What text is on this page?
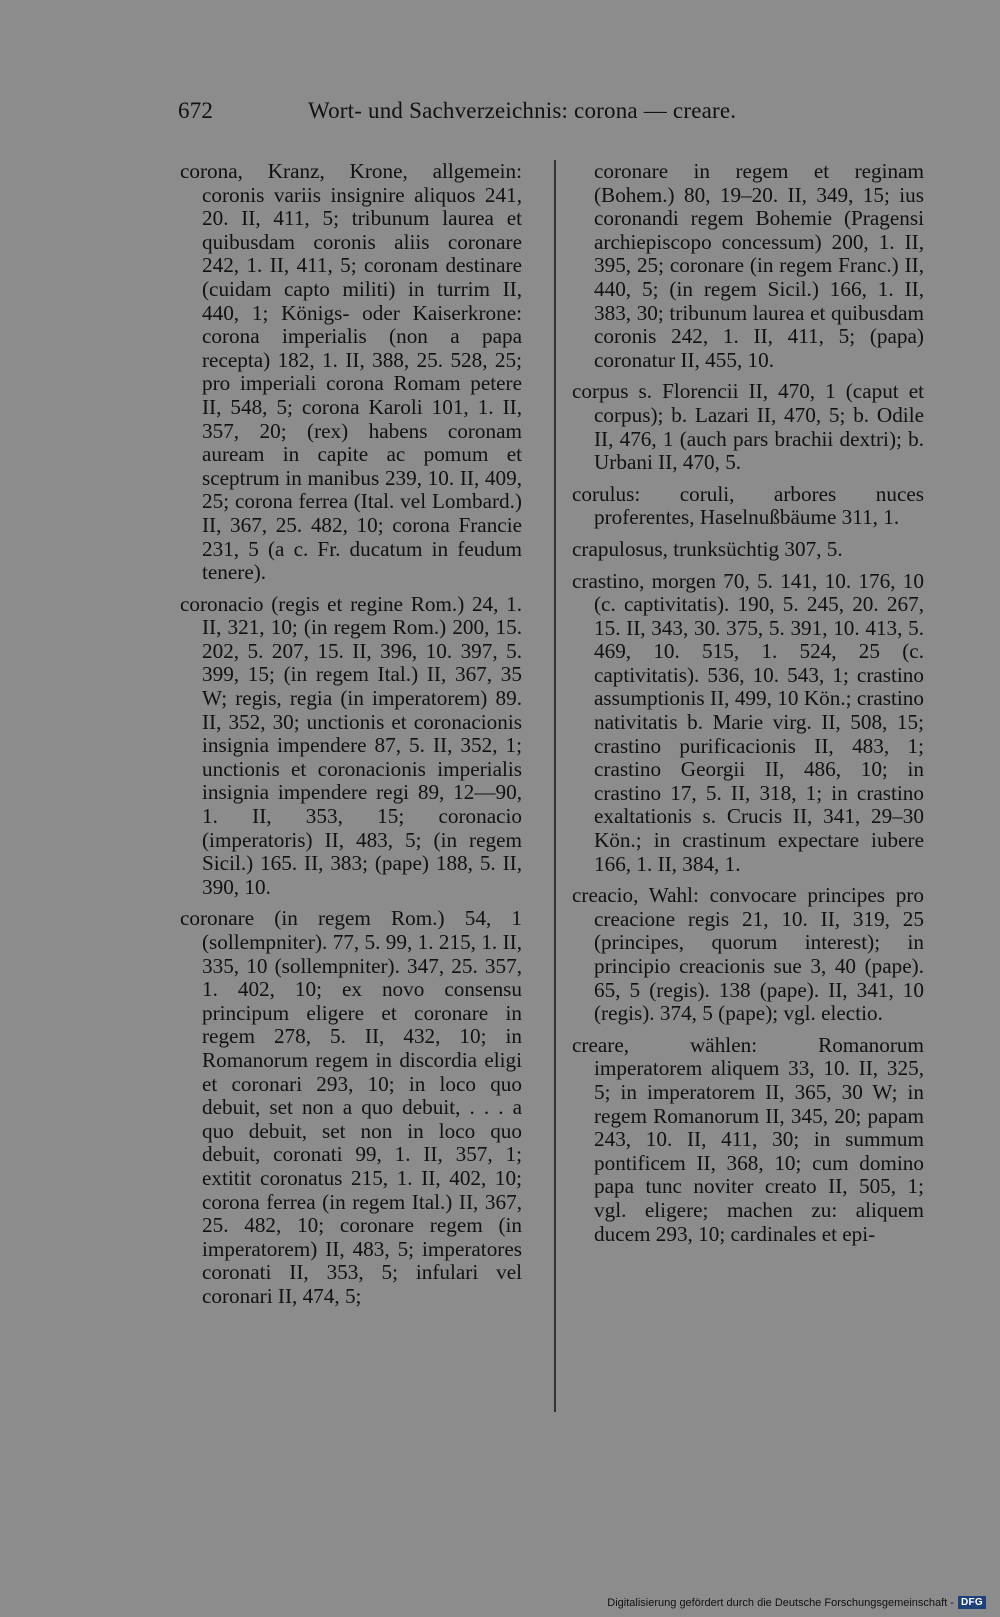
672	Wort- und Sachverzeichnis: corona — creare.

corona, Kranz, Krone, allgemein: coronis variis insignire aliquos 241, 20. II, 411, 5; tribunum laurea et quibusdam coronis aliis coronare 242, 1. II, 411, 5; coronam destinare (cuidam capto militi) in turrim II, 440, 1; Königs- oder Kaiserkrone: corona imperialis (non a papa recepta) 182, 1. II, 388, 25. 528, 25; pro imperiali corona Romam petere II, 548, 5; corona Karoli 101, 1. II, 357, 20; (rex) habens coronam auream in capite ac pomum et sceptrum in manibus 239, 10. II, 409, 25; corona ferrea (Ital. vel Lombard.) II, 367, 25. 482, 10; corona Francie 231, 5 (a c. Fr. ducatum in feudum tenere).

coronacio (regis et regine Rom.) 24, 1. II, 321, 10; (in regem Rom.) 200, 15. 202, 5. 207, 15. II, 396, 10. 397, 5. 399, 15; (in regem Ital.) II, 367, 35 W; regis, regia (in imperatorem) 89. II, 352, 30; unctionis et coronacionis insignia impendere 87, 5. II, 352, 1; unctionis et coronacionis imperialis insignia impendere regi 89, 12—90, 1. II, 353, 15; coronacio (imperatoris) II, 483, 5; (in regem Sicil.) 165. II, 383; (pape) 188, 5. II, 390, 10.

coronare (in regem Rom.) 54, 1 (sollempniter). 77, 5. 99, 1. 215, 1. II, 335, 10 (sollempniter). 347, 25. 357, 1. 402, 10; ex novo consensu principum eligere et coronare in regem 278, 5. II, 432, 10; in Romanorum regem in discordia eligi et coronari 293, 10; in loco quo debuit, set non a quo debuit, . . . a quo debuit, set non in loco quo debuit, coronati 99, 1. II, 357, 1; extitit coronatus 215, 1. II, 402, 10; corona ferrea (in regem Ital.) II, 367, 25. 482, 10; coronare regem (in imperatorem) II, 483, 5; imperatores coronati II, 353, 5; infulari vel coronari II, 474, 5;

coronare in regem et reginam (Bohem.) 80, 19–20. II, 349, 15; ius coronandi regem Bohemie (Pragensi archiepiscopo concessum) 200, 1. II, 395, 25; coronare (in regem Franc.) II, 440, 5; (in regem Sicil.) 166, 1. II, 383, 30; tribunum laurea et quibusdam coronis 242, 1. II, 411, 5; (papa) coronatur II, 455, 10.

corpus s. Florencii II, 470, 1 (caput et corpus); b. Lazari II, 470, 5; b. Odile II, 476, 1 (auch pars brachii dextri); b. Urbani II, 470, 5.

corulus: coruli, arbores nuces proferentes, Haselnußbäume 311, 1.

crapulosus, trunksüchtig 307, 5.

crastino, morgen 70, 5. 141, 10. 176, 10 (c. captivitatis). 190, 5. 245, 20. 267, 15. II, 343, 30. 375, 5. 391, 10. 413, 5. 469, 10. 515, 1. 524, 25 (c. captivitatis). 536, 10. 543, 1; crastino assumptionis II, 499, 10 Kön.; crastino nativitatis b. Marie virg. II, 508, 15; crastino purificacionis II, 483, 1; crastino Georgii II, 486, 10; in crastino 17, 5. II, 318, 1; in crastino exaltationis s. Crucis II, 341, 29–30 Kön.; in crastinum expectare iubere 166, 1. II, 384, 1.

creacio, Wahl: convocare principes pro creacione regis 21, 10. II, 319, 25 (principes, quorum interest); in principio creacionis sue 3, 40 (pape). 65, 5 (regis). 138 (pape). II, 341, 10 (regis). 374, 5 (pape); vgl. electio.

creare, wählen: Romanorum imperatorem aliquem 33, 10. II, 325, 5; in imperatorem II, 365, 30 W; in regem Romanorum II, 345, 20; papam 243, 10. II, 411, 30; in summum pontificem II, 368, 10; cum domino papa tunc noviter creato II, 505, 1; vgl. eligere; machen zu: aliquem ducem 293, 10; cardinales et epi-

Digitalisierung gefördert durch die Deutsche Forschungsgemeinschaft - DFG
